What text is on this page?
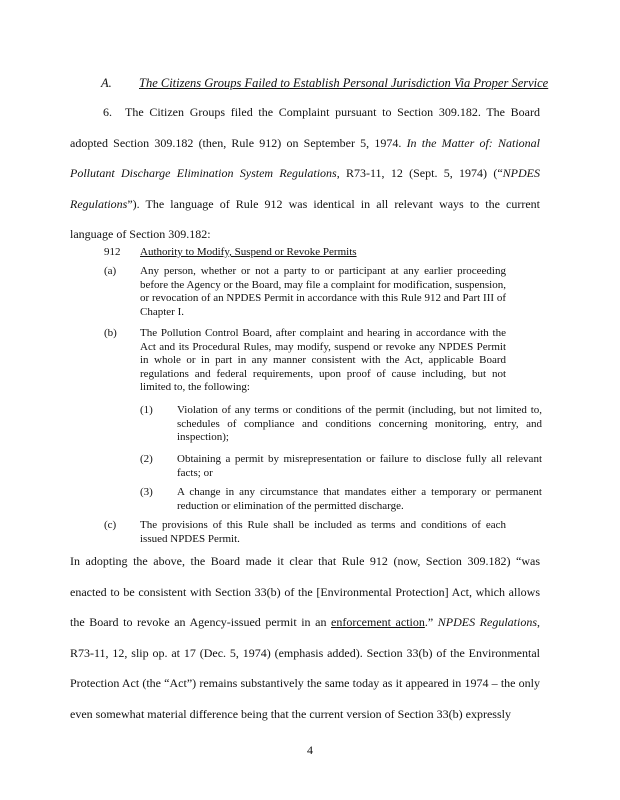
A. The Citizens Groups Failed to Establish Personal Jurisdiction Via Proper Service
6. The Citizen Groups filed the Complaint pursuant to Section 309.182. The Board adopted Section 309.182 (then, Rule 912) on September 5, 1974. In the Matter of: National Pollutant Discharge Elimination System Regulations, R73-11, 12 (Sept. 5, 1974) (“NPDES Regulations”). The language of Rule 912 was identical in all relevant ways to the current language of Section 309.182:
912	Authority to Modify, Suspend or Revoke Permits
(a)	Any person, whether or not a party to or participant at any earlier proceeding before the Agency or the Board, may file a complaint for modification, suspension, or revocation of an NPDES Permit in accordance with this Rule 912 and Part III of Chapter I.
(b)	The Pollution Control Board, after complaint and hearing in accordance with the Act and its Procedural Rules, may modify, suspend or revoke any NPDES Permit in whole or in part in any manner consistent with the Act, applicable Board regulations and federal requirements, upon proof of cause including, but not limited to, the following:
(1)	Violation of any terms or conditions of the permit (including, but not limited to, schedules of compliance and conditions concerning monitoring, entry, and inspection);
(2)	Obtaining a permit by misrepresentation or failure to disclose fully all relevant facts; or
(3)	A change in any circumstance that mandates either a temporary or permanent reduction or elimination of the permitted discharge.
(c)	The provisions of this Rule shall be included as terms and conditions of each issued NPDES Permit.
In adopting the above, the Board made it clear that Rule 912 (now, Section 309.182) “was enacted to be consistent with Section 33(b) of the [Environmental Protection] Act, which allows the Board to revoke an Agency-issued permit in an enforcement action.” NPDES Regulations, R73-11, 12, slip op. at 17 (Dec. 5, 1974) (emphasis added). Section 33(b) of the Environmental Protection Act (the “Act”) remains substantively the same today as it appeared in 1974 – the only even somewhat material difference being that the current version of Section 33(b) expressly
4
